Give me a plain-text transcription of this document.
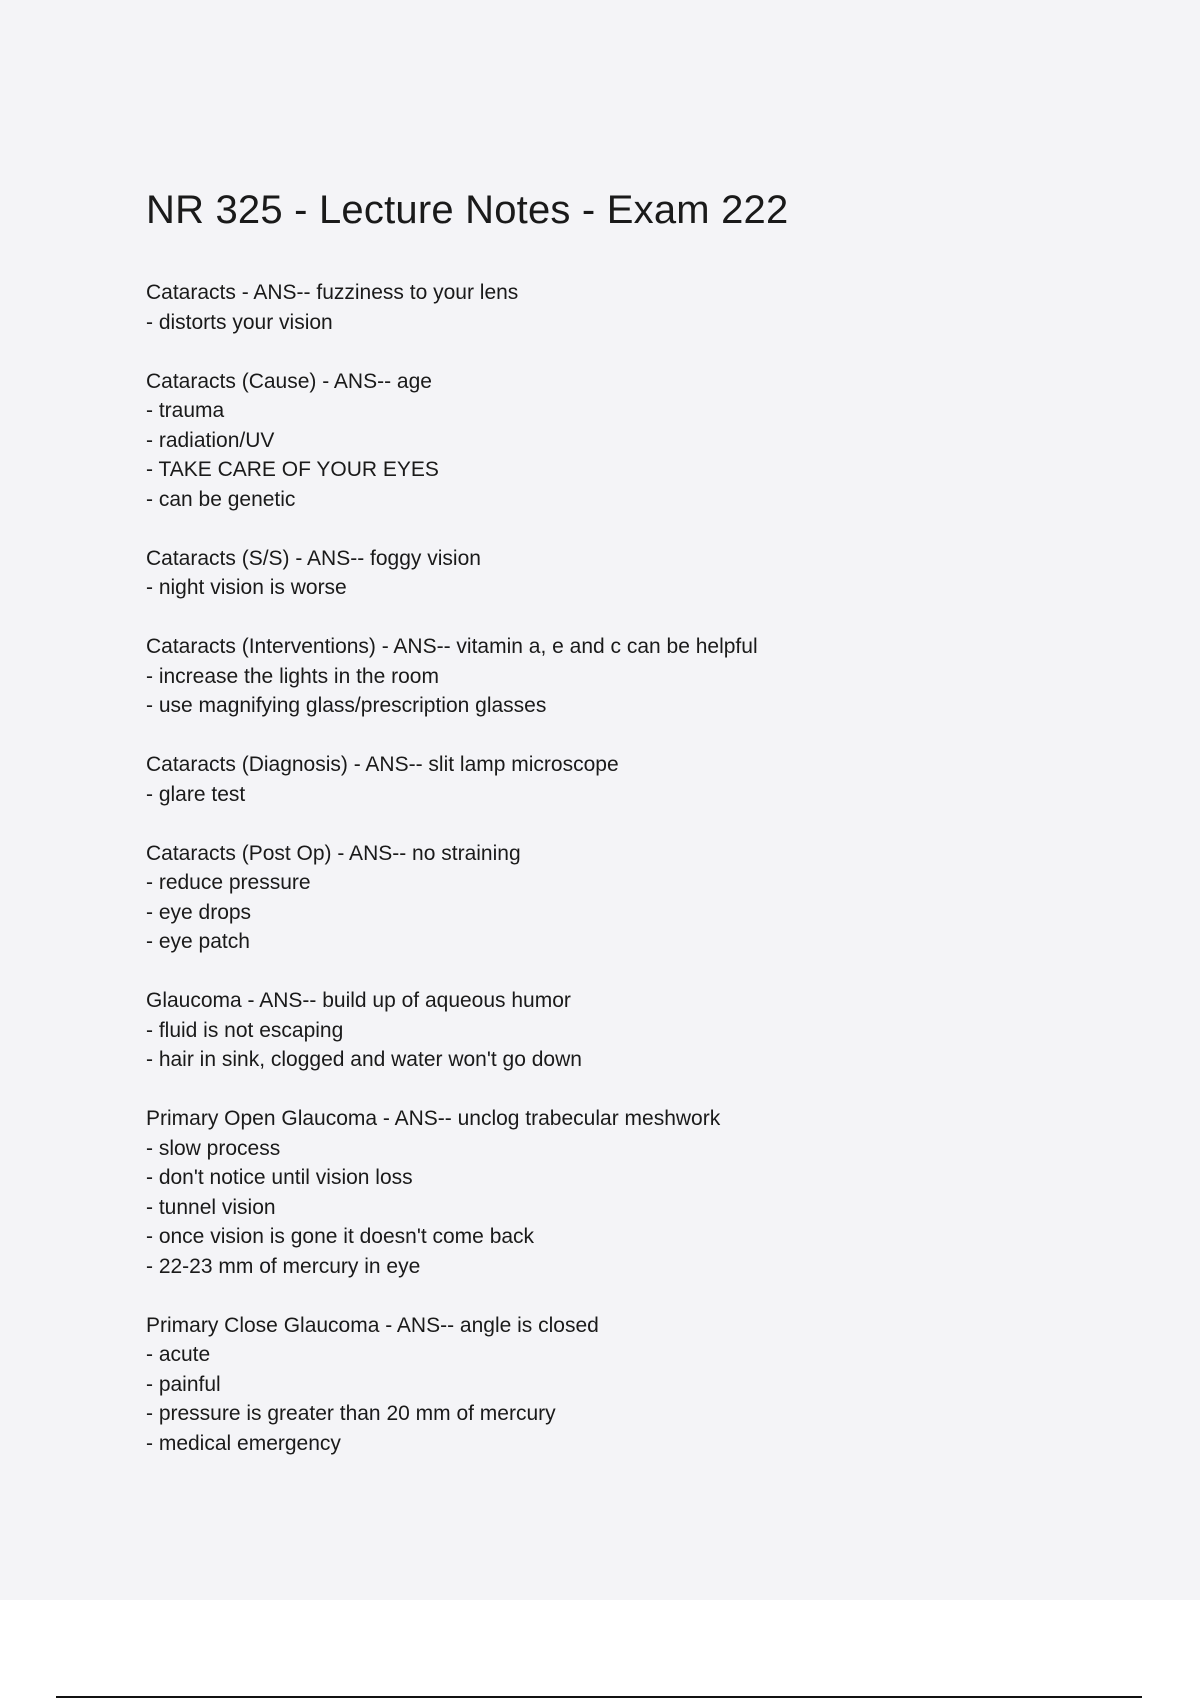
NR 325 - Lecture Notes - Exam 222
Cataracts - ANS-- fuzziness to your lens
- distorts your vision
Cataracts (Cause) - ANS-- age
- trauma
- radiation/UV
- TAKE CARE OF YOUR EYES
- can be genetic
Cataracts (S/S) - ANS-- foggy vision
- night vision is worse
Cataracts (Interventions) - ANS-- vitamin a, e and c can be helpful
- increase the lights in the room
- use magnifying glass/prescription glasses
Cataracts (Diagnosis) - ANS-- slit lamp microscope
- glare test
Cataracts (Post Op) - ANS-- no straining
- reduce pressure
- eye drops
- eye patch
Glaucoma - ANS-- build up of aqueous humor
- fluid is not escaping
- hair in sink, clogged and water won't go down
Primary Open Glaucoma - ANS-- unclog trabecular meshwork
- slow process
- don't notice until vision loss
- tunnel vision
- once vision is gone it doesn't come back
- 22-23 mm of mercury in eye
Primary Close Glaucoma - ANS-- angle is closed
- acute
- painful
- pressure is greater than 20 mm of mercury
- medical emergency
